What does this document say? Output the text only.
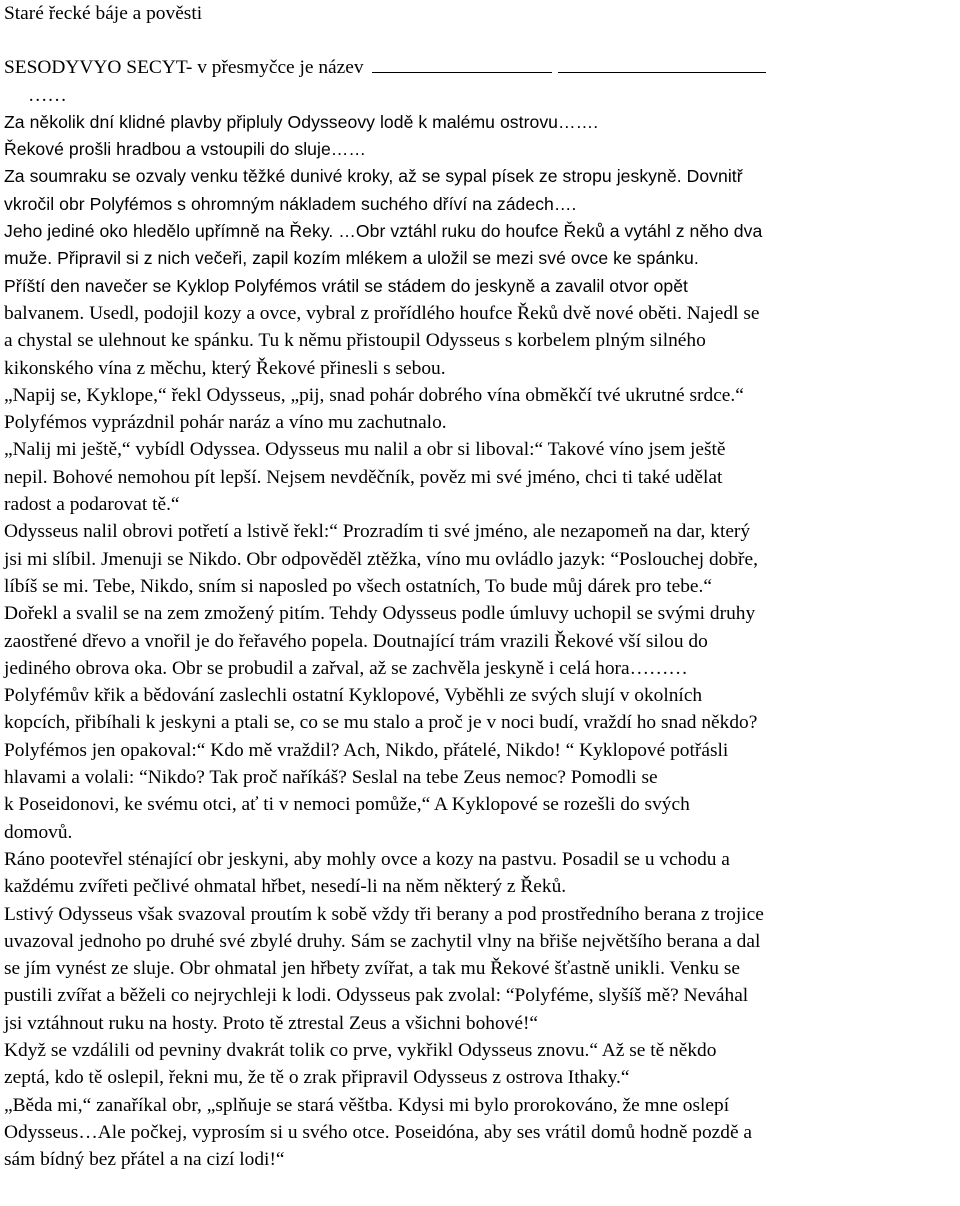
Staré řecké báje a pověsti
SESODYVYO SECYT- v přesmyčce je název
……
Za několik dní klidné plavby připluly Odysseovy lodě k malému ostrovu…….
Řekové prošli hradbou a vstoupili do sluje……
Za soumraku se ozvaly venku těžké dunivé kroky, až se sypal písek ze stropu jeskyně. Dovnitř
vkročil obr Polyfémos s ohromným nákladem suchého dříví na zádech….
Jeho jediné oko hledělo upřímně na Řeky. …Obr vztáhl ruku do houfce Řeků a vytáhl z něho dva
muže. Připravil si z nich večeři, zapil kozím mlékem a uložil se mezi své ovce ke spánku.
Příští den navečer se Kyklop Polyfémos vrátil se stádem do jeskyně a zavalil otvor opět
balvanem. Usedl, podojil kozy a ovce, vybral z prořídlého houfce Řeků dvě nové oběti. Najedl se
a chystal se ulehnout ke spánku. Tu k němu přistoupil Odysseus s korbelem plným silného
kikonského vína z měchu, který Řekové přinesli s sebou.
„Napij se, Kyklope,“ řekl Odysseus, „pij, snad pohár dobrého vína obměkčí tvé ukrutné srdce.“
Polyfémos vyprázdnil pohár naráz a víno mu zachutnalo.
„Nalij mi ještě,“ vybídl Odyssea. Odysseus mu nalil a obr si liboval:“ Takové víno jsem ještě
nepil. Bohové nemohou pít lepší. Nejsem nevděčník, pověz mi své jméno, chci ti také udělat
radost a podarovat tě.“
Odysseus nalil obrovi potřetí a lstivě řekl:“ Prozradím ti své jméno, ale nezapomeň na dar, který
jsi mi slíbil. Jmenuji se Nikdo. Obr odpověděl ztěžka, víno mu ovládlo jazyk: “Poslouchej dobře,
líbíš se mi. Tebe, Nikdo, sním si naposled po všech ostatních, To bude můj dárek pro tebe.“
Dořekl a svalil se na zem zmožený pitím. Tehdy Odysseus podle úmluvy uchopil se svými druhy
zaostřené dřevo a vnořil je do řeřavého popela. Doutnající trám vrazili Řekové vší silou do
jediného obrova oka. Obr se probudil a zařval, až se zachvěla jeskyně i celá hora………
Polyfémův křik a bědování zaslechli ostatní Kyklopové, Vyběhli ze svých slují v okolních
kopcích, přibíhali k jeskyni a ptali se, co se mu stalo a proč je v noci budí, vraždí ho snad někdo?
Polyfémos jen opakoval:“ Kdo mě vraždil? Ach, Nikdo, přátelé, Nikdo! “ Kyklopové potřásli
hlavami a volali: “Nikdo? Tak proč naříkáš? Seslal na tebe Zeus nemoc? Pomodli se
k Poseidonovi, ke svému otci, ať ti v nemoci pomůže,“ A Kyklopové se rozešli do svých
domovů.
Ráno pootevřel sténající obr jeskyni, aby mohly ovce a kozy na pastvu. Posadil se u vchodu a
každému zvířeti pečlivé ohmatal hřbet, nesedí-li na něm některý z Řeků.
Lstivý Odysseus však svazoval proutím k sobě vždy tři berany a pod prostředního berana z trojice
uvazoval jednoho po druhé své zbylé druhy. Sám se zachytil vlny na břiše největšího berana a dal
se jím vynést ze sluje. Obr ohmatal jen hřbety zvířat, a tak mu Řekové šťastně unikli. Venku se
pustili zvířat a běželi co nejrychleji k lodi. Odysseus pak zvolal: “Polyféme, slyšíš mě? Neváhal
jsi vztáhnout ruku na hosty. Proto tě ztrestal Zeus a všichni bohové!“
Když se vzdálili od pevniny dvakrát tolik co prve, vykřikl Odysseus znovu.“ Až se tě někdo
zeptá, kdo tě oslepil, řekni mu, že tě o zrak připravil Odysseus z ostrova Ithaky.“
„Běda mi,“ zanaříkal obr, „splňuje se stará věštba. Kdysi mi bylo prorokováno, že mne oslepí
Odysseus…Ale počkej, vyprosím si u svého otce. Poseidóna, aby ses vrátil domů hodně pozdě a
sám bídný bez přátel a na cizí lodi!“
